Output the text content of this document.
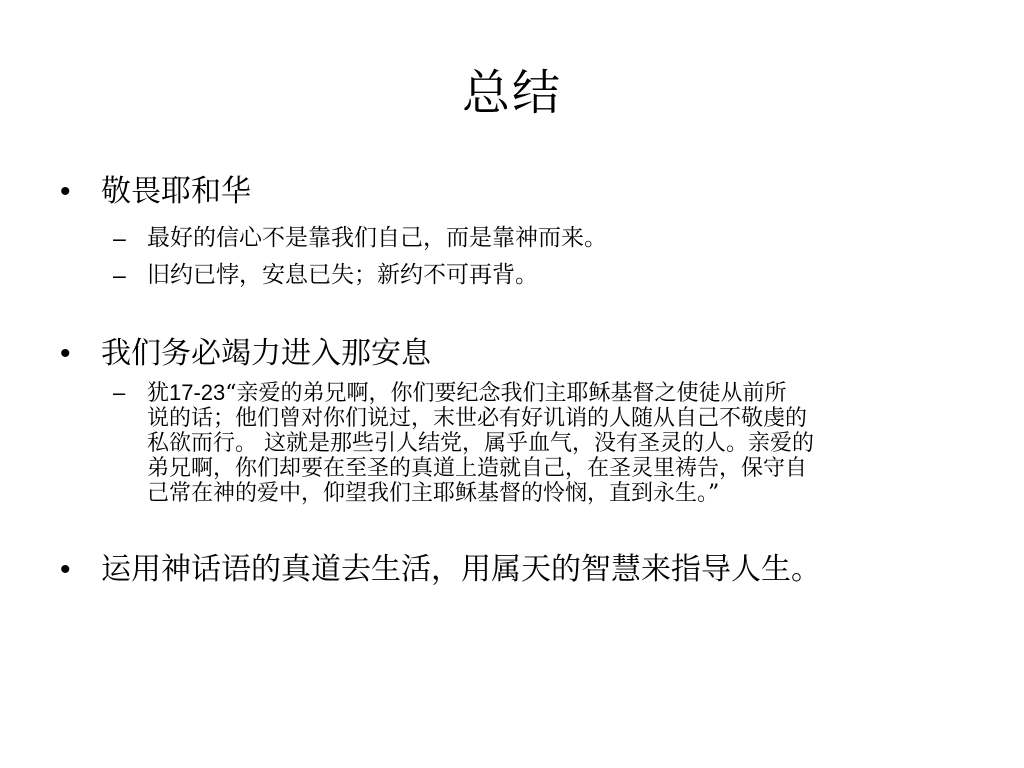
总结
•	敬畏耶和华
– 最好的信心不是靠我们自己，而是靠神而来。
– 旧约已悖，安息已失；新约不可再背。
•	我们务必竭力进入那安息
– 犹17-23“亲爱的弟兄啊，你们要纪念我们主耶稣基督之使徒从前所
说的话；他们曾对你们说过，末世必有好讥诮的人随从自己不敬虔的
私欲而行。 这就是那些引人结党，属乎血气，没有圣灵的人。亲爱的
弟兄啊，你们却要在至圣的真道上造就自己，在圣灵里祷告，保守自
己常在神的爱中，仰望我们主耶稣基督的怜悯，直到永生。”
•	运用神话语的真道去生活，用属天的智慧来指导人生。
